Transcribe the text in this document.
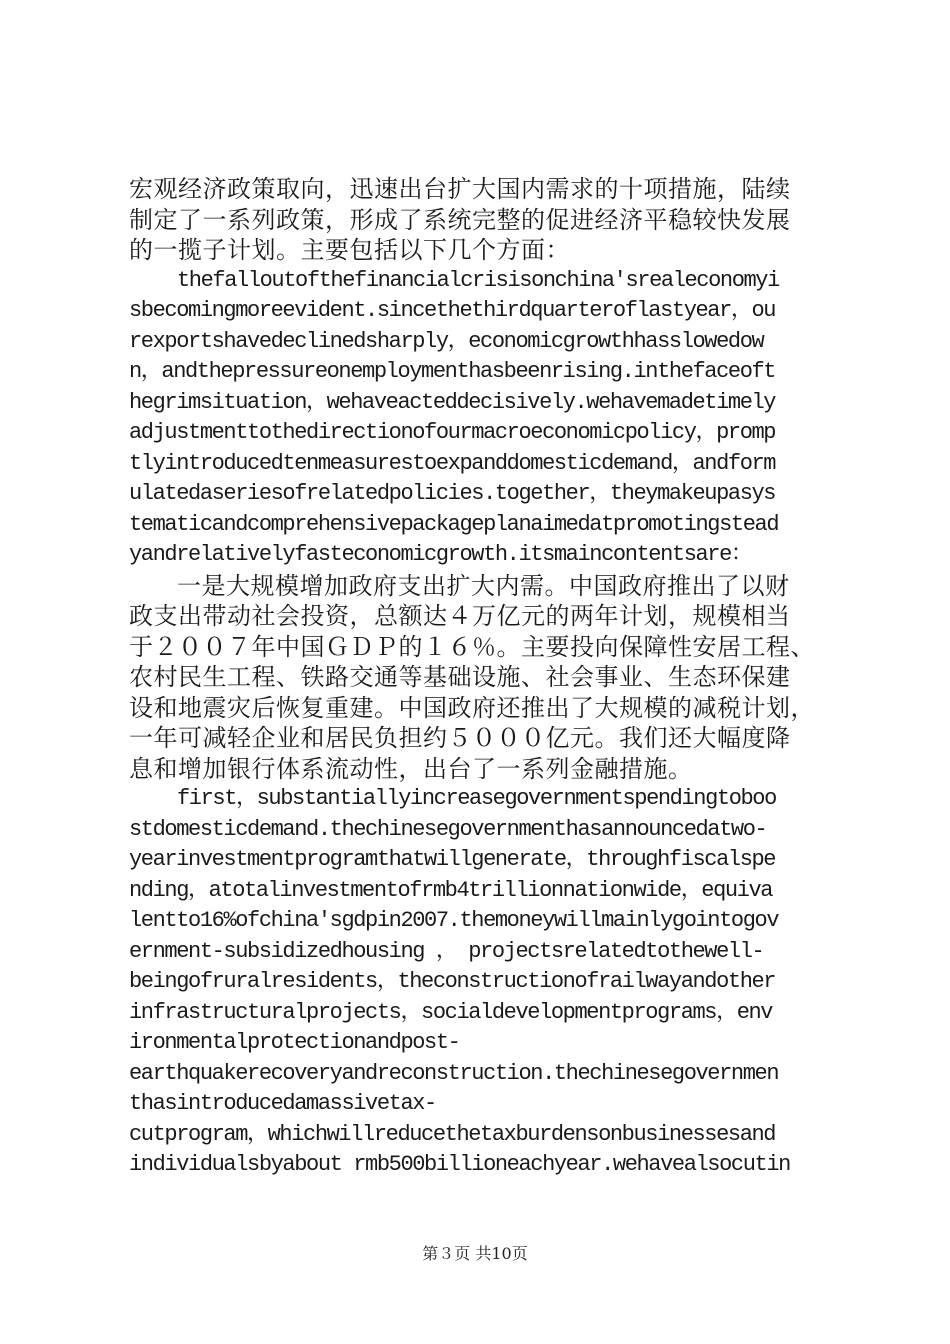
宏观经济政策取向，迅速出台扩大国内需求的十项措施，陆续
制定了一系列政策，形成了系统完整的促进经济平稳较快发展
的一揽子计划。主要包括以下几个方面：
thefalloutofthefinancialcrisisonchina'srealeconomyi
sbecomingmoreevident.sincethethirdquarteroflastyear，ou
rexportshavedeclinedsharply，economicgrowthhasslowedow
n，andthepressureonemploymenthasbeenrising.inthefaceoft
hegrimsituation，wehaveacteddecisively.wehavemadetimely
adjustmenttothedirectionofourmacroeconomicpolicy，promp
tlyintroducedtenmeasurestoexpanddomesticdemand，andform
ulatedaseriesofrelatedpolicies.together，theymakeupasys
tematicandcomprehensivepackageplanaimedatpromotingstead
yandrelativelyfasteconomicgrowth.itsmaincontentsare：
一是大规模增加政府支出扩大内需。中国政府推出了以财
政支出带动社会投资，总额达４万亿元的两年计划，规模相当
于２００７年中国ＧＤＰ的１６％。主要投向保障性安居工程、
农村民生工程、铁路交通等基础设施、社会事业、生态环保建
设和地震灾后恢复重建。中国政府还推出了大规模的减税计划，
一年可减轻企业和居民负担约５０００亿元。我们还大幅度降
息和增加银行体系流动性，出台了一系列金融措施。
first，substantiallyincreasegovernmentspendingtoboo
stdomesticdemand.thechinesegovernmenthasannouncedatwo-
yearinvestmentprogramthatwillgenerate，throughfiscalspe
nding，atotalinvestmentofrmb4trillionnationwide，equiva
lentto16%ofchina'sgdpin2007.themoneywillmainlygointogov
ernment-subsidizedhousing ， projectsrelatedtothewell-
beingofruralresidents，theconstructionofrailwayandother
infrastructuralprojects，socialdevelopmentprograms，env
ironmentalprotectionandpost-
earthquakerecoveryandreconstruction.thechinesegovernmen
thasintroducedamassivetax-
cutprogram，whichwillreducethetaxburdensonbusinessesand
individualsbyabout rmb500billioneachyear.wehavealsocutin
第３页 共10页
